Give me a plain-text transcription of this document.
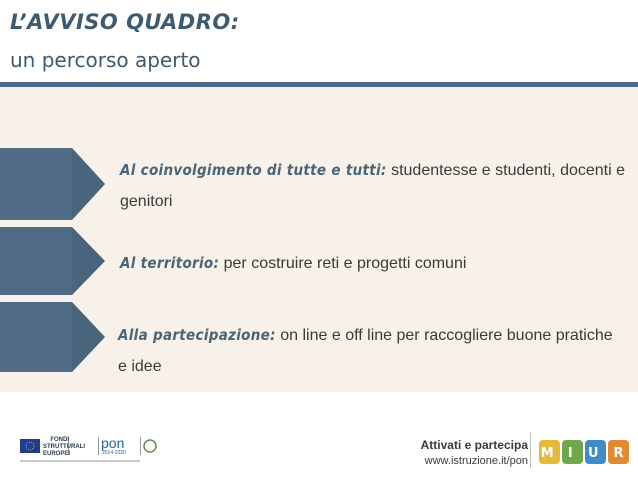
L’AVVISO QUADRO:
un percorso aperto
Al coinvolgimento di tutte e tutti: studentesse e studenti, docenti e genitori
Al territorio: per costruire reti e progetti comuni
Alla partecipazione: on line e off line per raccogliere buone pratiche e idee
FONDI STRUTTURALI EUROPEI
pon
2014-2020
Attivati e partecipa
www.istruzione.it/pon M I U R
